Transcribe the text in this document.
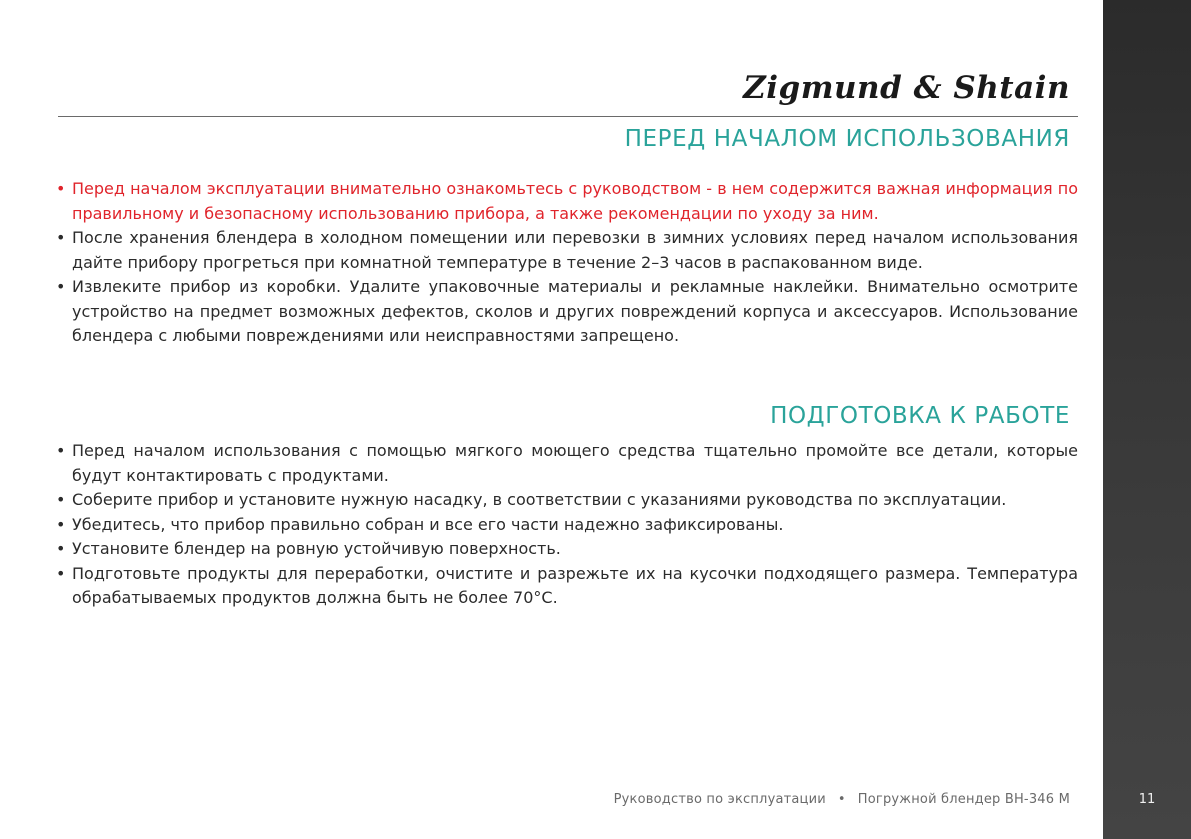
Zigmund & Shtain
ПЕРЕД НАЧАЛОМ ИСПОЛЬЗОВАНИЯ
• Перед началом эксплуатации внимательно ознакомьтесь с руководством - в нем содержится важная информация по правильному и безопасному использованию прибора, а также рекомендации по уходу за ним.
• После хранения блендера в холодном помещении или перевозки в зимних условиях перед началом использования дайте прибору прогреться при комнатной температуре в течение 2–3 часов в распакованном виде.
• Извлеките прибор из коробки. Удалите упаковочные материалы и рекламные наклейки. Внимательно осмотрите устройство на предмет возможных дефектов, сколов и других повреждений корпуса и аксессуаров. Использование блендера с любыми повреждениями или неисправностями запрещено.
ПОДГОТОВКА К РАБОТЕ
• Перед началом использования с помощью мягкого моющего средства тщательно промойте все детали, которые будут контактировать с продуктами.
• Соберите прибор и установите нужную насадку, в соответствии с указаниями руководства по эксплуатации.
• Убедитесь, что прибор правильно собран и все его части надежно зафиксированы.
• Установите блендер на ровную устойчивую поверхность.
• Подготовьте продукты для переработки, очистите и разрежьте их на кусочки подходящего размера. Температура обрабатываемых продуктов должна быть не более 70°С.
Руководство по эксплуатации • Погружной блендер BH-346 M	11
